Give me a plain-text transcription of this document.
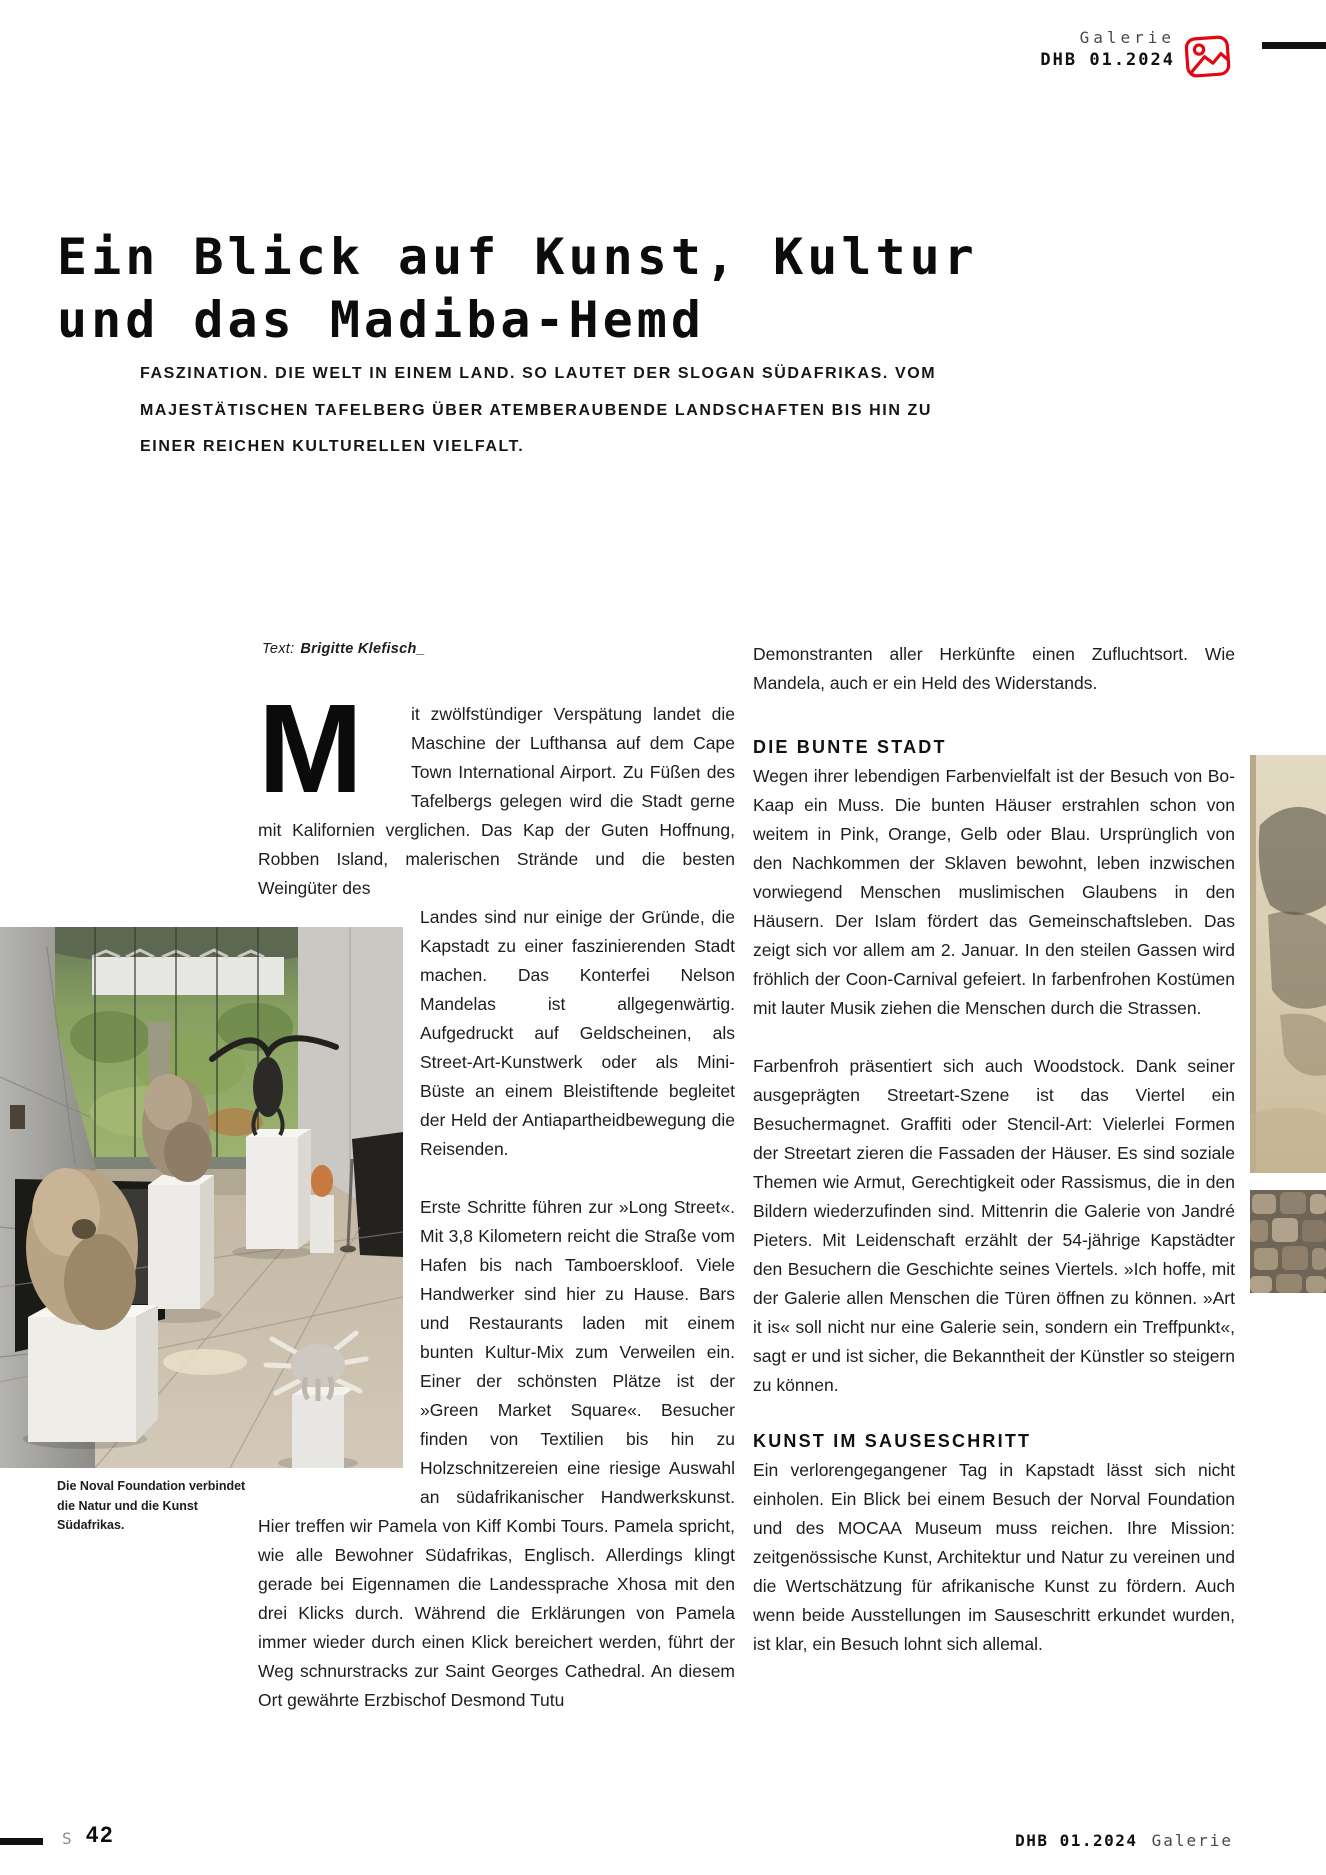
Galerie
DHB 01.2024
Ein Blick auf Kunst, Kultur
und das Madiba-Hemd
FASZINATION. DIE WELT IN EINEM LAND. SO LAUTET DER SLOGAN SÜDAFRIKAS. VOM MAJESTÄTISCHEN TAFELBERG ÜBER ATEMBERAUBENDE LANDSCHAFTEN BIS HIN ZU EINER REICHEN KULTURELLEN VIELFALT.
Text: Brigitte Klefisch_

M	it zwölfstündiger Verspätung landet die Maschine der Lufthansa auf dem Cape Town International Airport. Zu Füßen des Tafelbergs gelegen wird die Stadt gerne mit Kalifornien verglichen. Das Kap der Guten Hoffnung, Robben Island, malerischen Strände und die besten Weingüter des

Landes sind nur einige der Gründe, die Kapstadt zu einer faszinierenden Stadt machen. Das Konterfei Nelson Mandelas ist allgegenwärtig. Aufgedruckt auf Geldscheinen, als Street-Art-Kunstwerk oder als Mini-Büste an einem Bleistiftende begleitet der Held der Antiapartheidbewegung die Reisenden.

Erste Schritte führen zur »Long Street«. Mit 3,8 Kilometern reicht die Straße vom Hafen bis nach Tamboerskloof. Viele Handwerker sind hier zu Hause. Bars und Restaurants laden mit einem bunten Kultur-Mix zum Verweilen ein. Einer der schönsten Plätze ist der »Green Market Square«. Besucher finden von Textilien bis hin zu Holzschnitzereien eine riesige Auswahl an südafrikanischer Handwerkskunst. Hier treffen wir Pamela von Kiff Kombi Tours. Pamela spricht, wie alle Bewohner Südafrikas, Englisch. Allerdings klingt gerade bei Eigennamen die Landessprache Xhosa mit den drei Klicks durch. Während die Erklärungen von Pamela immer wieder durch einen Klick bereichert werden, führt der Weg schnurstracks zur Saint Georges Cathedral. An diesem Ort gewährte Erzbischof Desmond Tutu

Demonstranten aller Herkünfte einen Zufluchtsort. Wie Mandela, auch er ein Held des Widerstands.

DIE BUNTE STADT

Wegen ihrer lebendigen Farbenvielfalt ist der Besuch von Bo-Kaap ein Muss. Die bunten Häuser erstrahlen schon von weitem in Pink, Orange, Gelb oder Blau. Ursprünglich von den Nachkommen der Sklaven bewohnt, leben inzwischen vorwiegend Menschen muslimischen Glaubens in den Häusern. Der Islam fördert das Gemeinschaftsleben. Das zeigt sich vor allem am 2. Januar. In den steilen Gassen wird fröhlich der Coon-Carnival gefeiert. In farbenfrohen Kostümen mit lauter Musik ziehen die Menschen durch die Strassen.

Farbenfroh präsentiert sich auch Woodstock. Dank seiner ausgeprägten Streetart-Szene ist das Viertel ein Besuchermagnet. Graffiti oder Stencil-Art: Vielerlei Formen der Streetart zieren die Fassaden der Häuser. Es sind soziale Themen wie Armut, Gerechtigkeit oder Rassismus, die in den Bildern wiederzufinden sind. Mittenrin die Galerie von Jandré Pieters. Mit Leidenschaft erzählt der 54-jährige Kapstädter den Besuchern die Geschichte seines Viertels. »Ich hoffe, mit der Galerie allen Menschen die Türen öffnen zu können. »Art it is« soll nicht nur eine Galerie sein, sondern ein Treffpunkt«, sagt er und ist sicher, die Bekanntheit der Künstler so steigern zu können.

KUNST IM SAUSESCHRITT

Ein verlorengegangener Tag in Kapstadt lässt sich nicht einholen. Ein Blick bei einem Besuch der Norval Foundation und des MOCAA Museum muss reichen. Ihre Mission: zeitgenössische Kunst, Architektur und Natur zu vereinen und die Wertschätzung für afrikanische Kunst zu fördern. Auch wenn beide Ausstellungen im Sauseschritt erkundet wurden, ist klar, ein Besuch lohnt sich allemal.

Die Noval Foundation verbindet die Natur und die Kunst Südafrikas.
S 42	DHB 01.2024 Galerie
